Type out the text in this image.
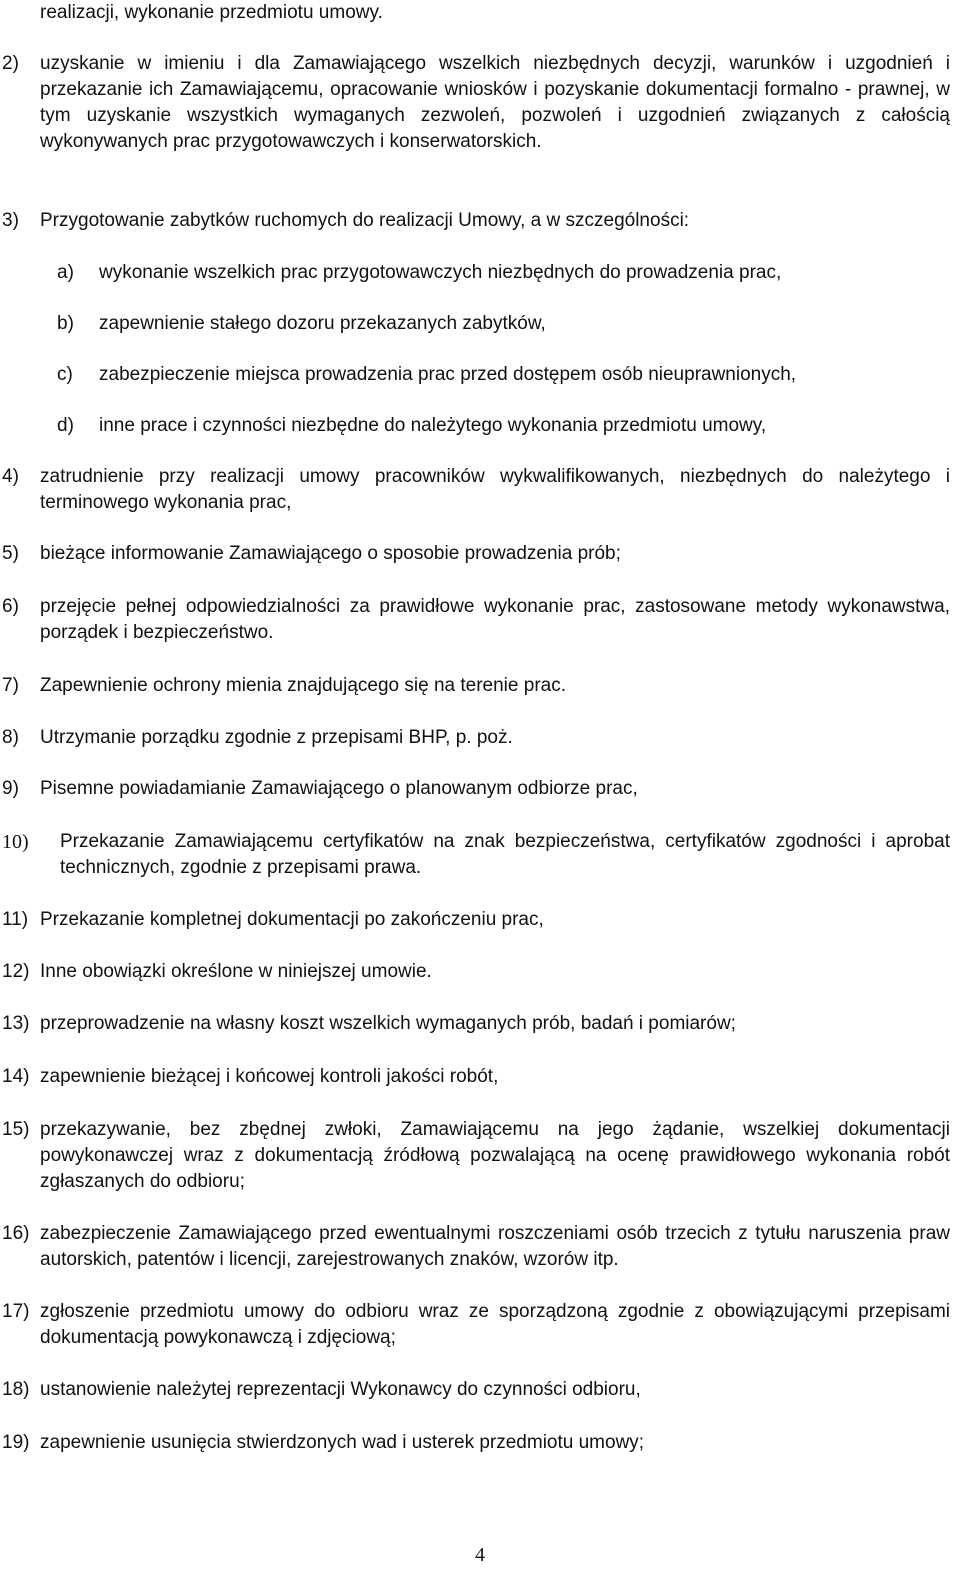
realizacji, wykonanie przedmiotu umowy.
2)	uzyskanie w imieniu i dla Zamawiającego wszelkich niezbędnych decyzji, warunków i uzgodnień i przekazanie ich Zamawiającemu, opracowanie wniosków i pozyskanie dokumentacji formalno - prawnej, w tym uzyskanie wszystkich wymaganych zezwoleń, pozwoleń i uzgodnień związanych z całością wykonywanych prac przygotowawczych i konserwatorskich.
3)	Przygotowanie zabytków ruchomych do realizacji Umowy, a w szczególności:
a)	wykonanie wszelkich prac przygotowawczych niezbędnych do prowadzenia prac,
b)	zapewnienie stałego dozoru przekazanych zabytków,
c)	zabezpieczenie miejsca prowadzenia prac przed dostępem osób nieuprawnionych,
d)	inne prace i czynności niezbędne do należytego wykonania przedmiotu umowy,
4)	zatrudnienie przy realizacji umowy pracowników wykwalifikowanych, niezbędnych do należytego i terminowego wykonania prac,
5)	bieżące informowanie Zamawiającego o sposobie prowadzenia prób;
6)	przejęcie pełnej odpowiedzialności za prawidłowe wykonanie prac, zastosowane metody wykonawstwa, porządek i bezpieczeństwo.
7)	Zapewnienie ochrony mienia znajdującego się na terenie prac.
8)	Utrzymanie porządku zgodnie z przepisami BHP, p. poż.
9)	Pisemne powiadamianie Zamawiającego o planowanym odbiorze prac,
10)	Przekazanie Zamawiającemu certyfikatów na znak bezpieczeństwa, certyfikatów zgodności i aprobat technicznych, zgodnie z przepisami prawa.
11) Przekazanie kompletnej dokumentacji po zakończeniu prac,
12) Inne obowiązki określone w niniejszej umowie.
13) przeprowadzenie na własny koszt wszelkich wymaganych prób, badań i pomiarów;
14) zapewnienie bieżącej i końcowej kontroli jakości robót,
15) przekazywanie, bez zbędnej zwłoki, Zamawiającemu na jego żądanie, wszelkiej dokumentacji powykonawczej wraz z dokumentacją źródłową pozwalającą na ocenę prawidłowego wykonania robót zgłaszanych do odbioru;
16) zabezpieczenie Zamawiającego przed ewentualnymi roszczeniami osób trzecich z tytułu naruszenia praw autorskich, patentów i licencji, zarejestrowanych znaków, wzorów itp.
17) zgłoszenie przedmiotu umowy do odbioru wraz ze sporządzoną zgodnie z obowiązującymi przepisami dokumentacją powykonawczą i zdjęciową;
18) ustanowienie należytej reprezentacji Wykonawcy do czynności odbioru,
19) zapewnienie usunięcia stwierdzonych wad i usterek przedmiotu umowy;
4
